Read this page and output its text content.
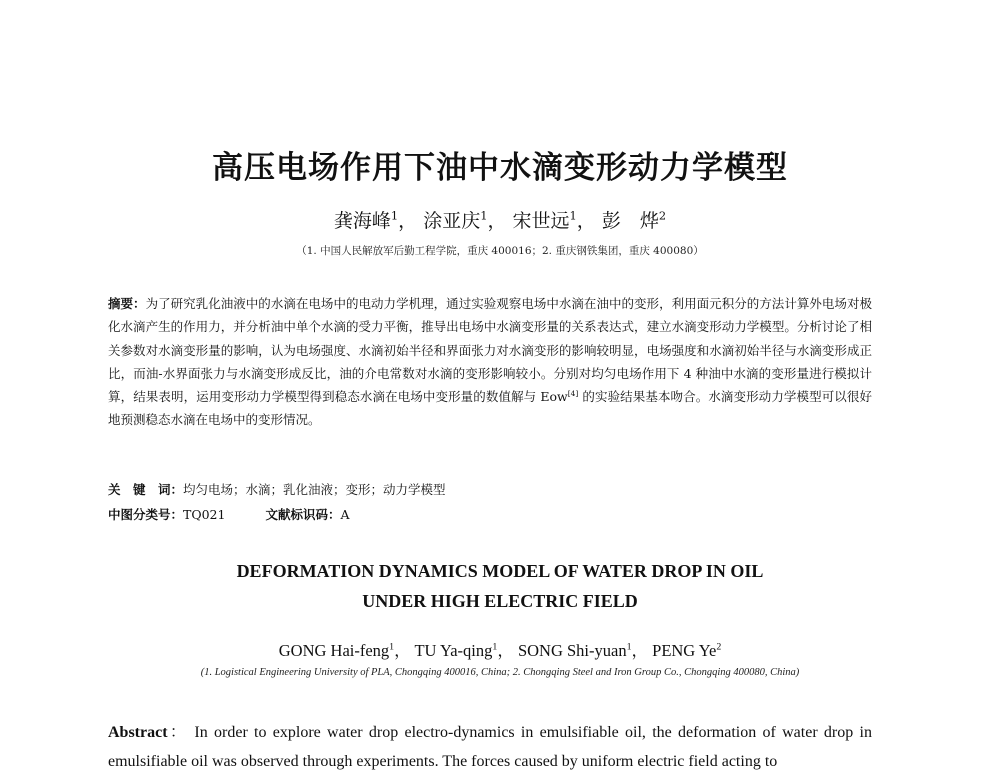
高压电场作用下油中水滴变形动力学模型
龚海峰$^1$， 涂亚庆$^1$， 宋世远$^1$， 彭　烨$^2$
（1. 中国人民解放军后勤工程学院，重庆 400016；2. 重庆钢铁集团，重庆 400080）
摘要：为了研究乳化油液中的水滴在电场中的电动力学机理，通过实验观察电场中水滴在油中的变形，利用面元积分的方法计算外电场对极化水滴产生的作用力，并分析油中单个水滴的受力平衡，推导出电场中水滴变形量的关系表达式，建立水滴变形动力学模型。分析讨论了相关参数对水滴变形量的影响，认为电场强度、水滴初始半径和界面张力对水滴变形的影响较明显，电场强度和水滴初始半径与水滴变形成正比，而油-水界面张力与水滴变形成反比，油的介电常数对水滴的变形影响较小。分别对均匀电场作用下 4 种油中水滴的变形量进行模拟计算，结果表明，运用变形动力学模型得到稳态水滴在电场中变形量的数值解与 Eow[4] 的实验结果基本吻合。水滴变形动力学模型可以很好地预测稳态水滴在电场中的变形情况。
关　键　词：均匀电场；水滴；乳化油液；变形；动力学模型
中图分类号：TQ021	文献标识码：A
DEFORMATION DYNAMICS MODEL OF WATER DROP IN OIL
UNDER HIGH ELECTRIC FIELD
GONG Hai-feng$^1$， TU Ya-qing$^1$， SONG Shi-yuan$^1$， PENG Ye$^2$
(1. Logistical Engineering University of PLA, Chongqing 400016, China; 2. Chongqing Steel and Iron Group Co., Chongqing 400080, China)
Abstract： In order to explore water drop electro-dynamics in emulsifiable oil, the deformation of water drop in emulsifiable oil was observed through experiments. The forces caused by uniform electric field acting to
